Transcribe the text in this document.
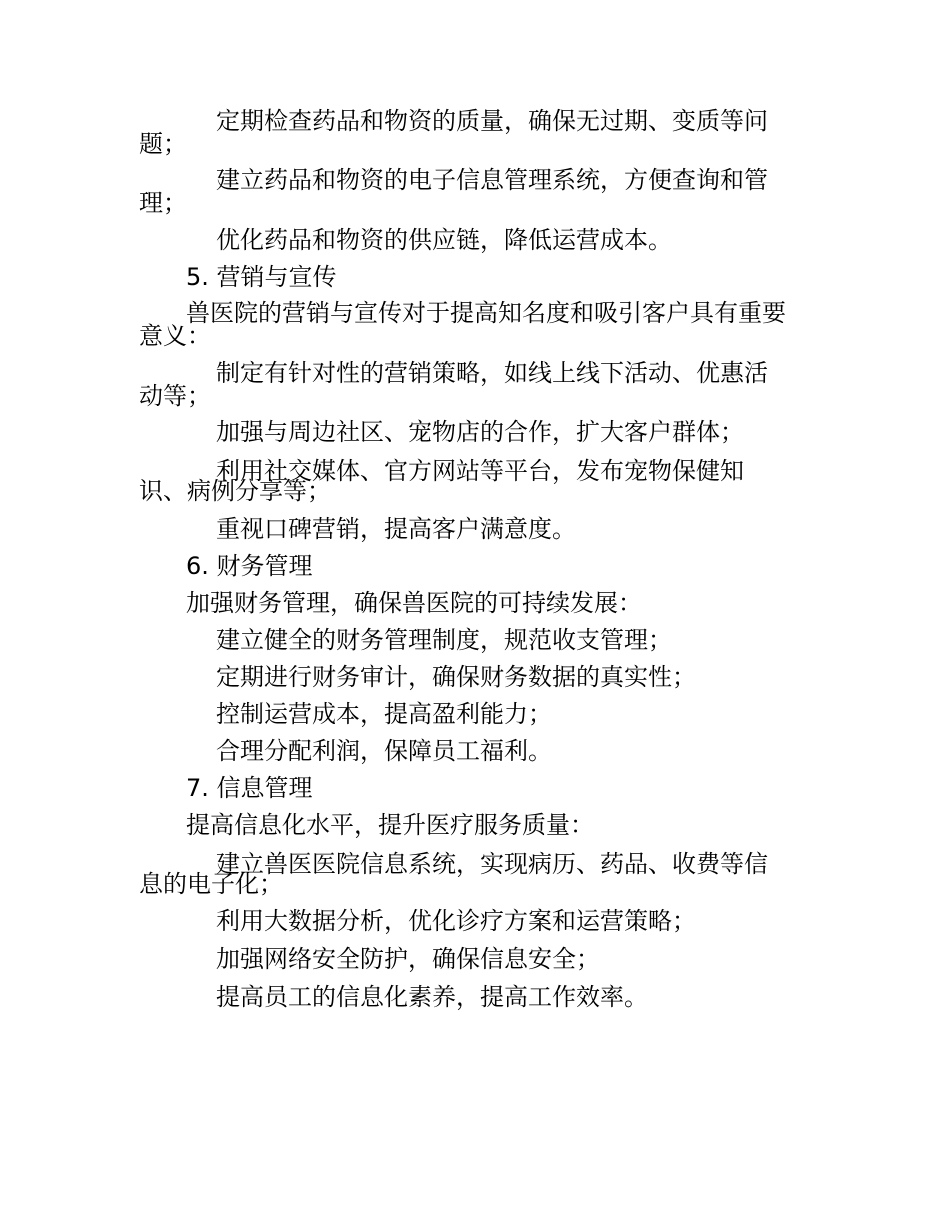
定期检查药品和物资的质量，确保无过期、变质等问
题；
建立药品和物资的电子信息管理系统，方便查询和管
理；
优化药品和物资的供应链，降低运营成本。
5. 营销与宣传
兽医院的营销与宣传对于提高知名度和吸引客户具有重要
意义：
制定有针对性的营销策略，如线上线下活动、优惠活
动等；
加强与周边社区、宠物店的合作，扩大客户群体；
利用社交媒体、官方网站等平台，发布宠物保健知
识、病例分享等；
重视口碑营销，提高客户满意度。
6. 财务管理
加强财务管理，确保兽医院的可持续发展：
建立健全的财务管理制度，规范收支管理；
定期进行财务审计，确保财务数据的真实性；
控制运营成本，提高盈利能力；
合理分配利润，保障员工福利。
7. 信息管理
提高信息化水平，提升医疗服务质量：
建立兽医医院信息系统，实现病历、药品、收费等信
息的电子化；
利用大数据分析，优化诊疗方案和运营策略；
加强网络安全防护，确保信息安全；
提高员工的信息化素养，提高工作效率。
